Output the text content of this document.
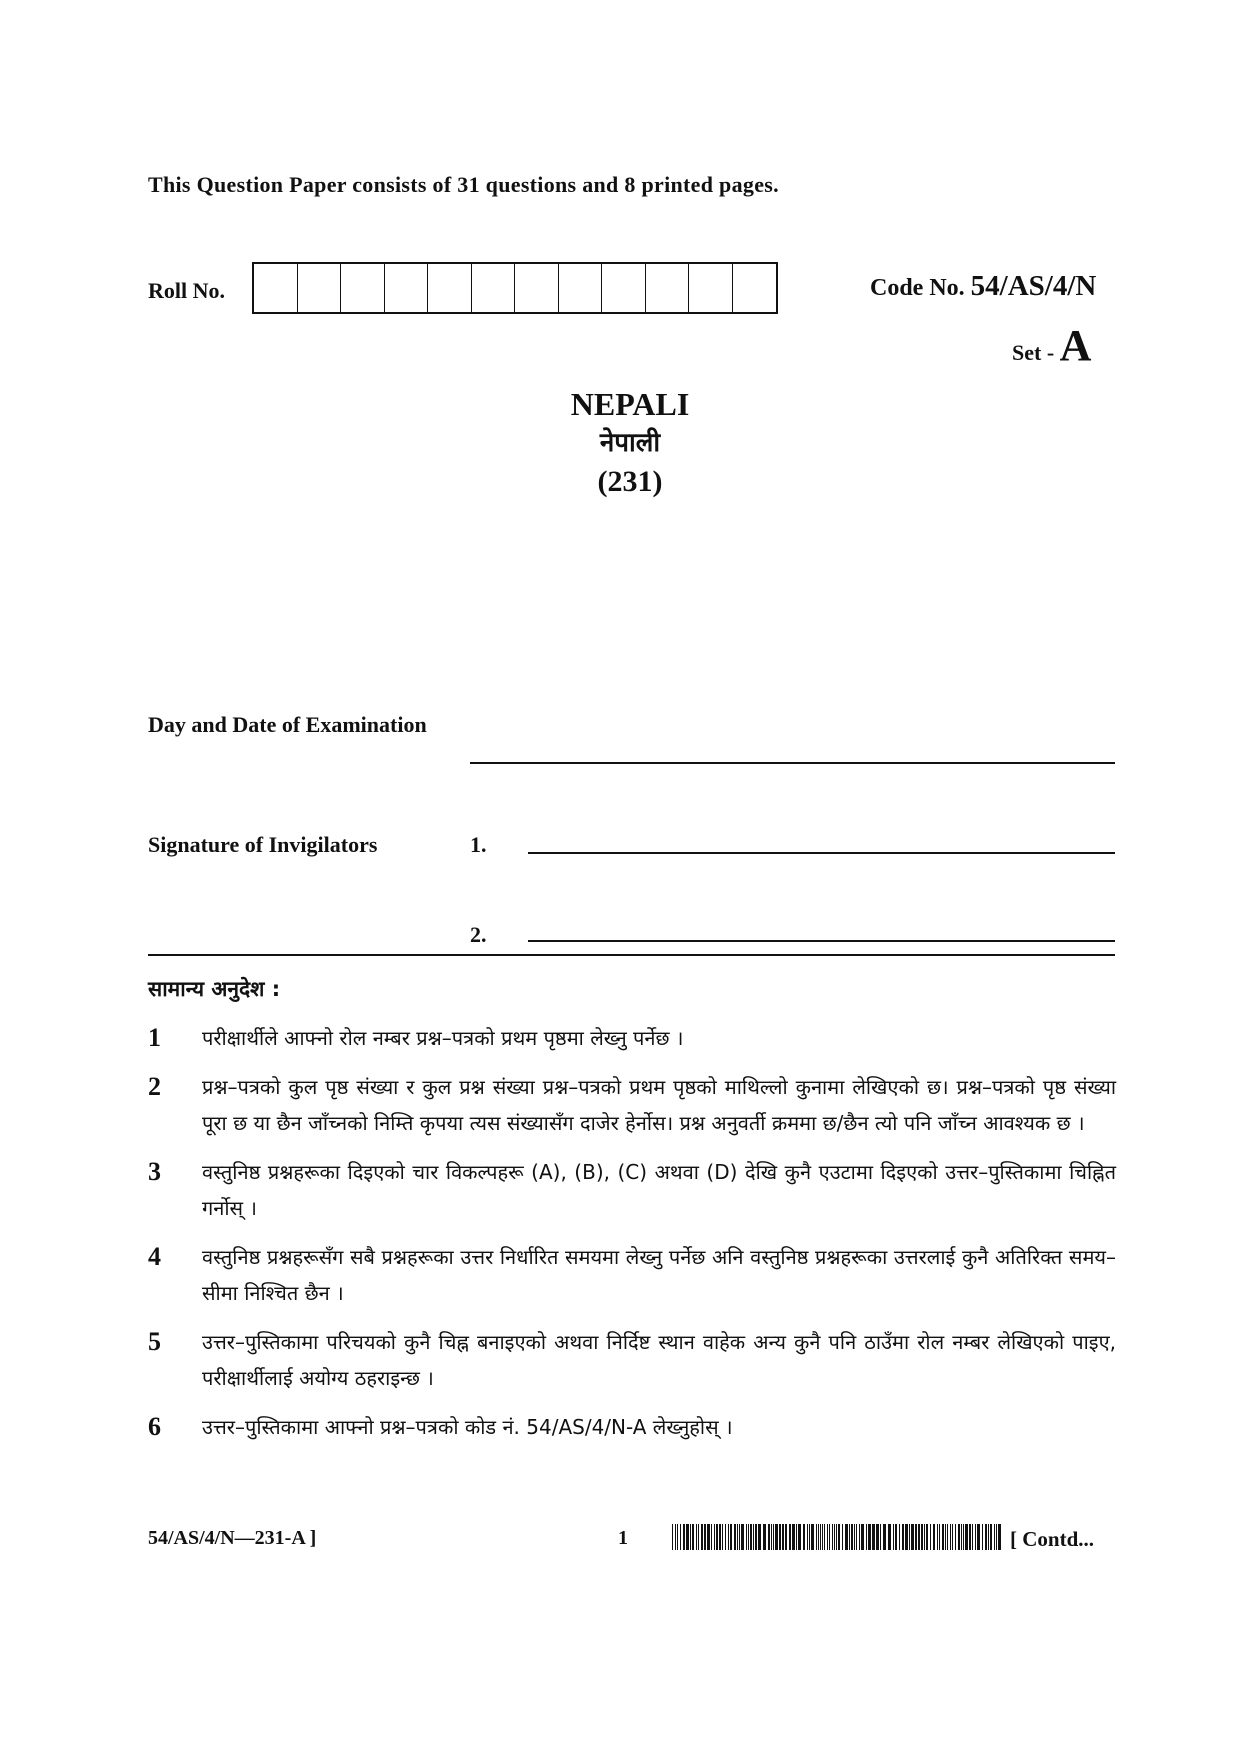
This Question Paper consists of 31 questions and 8 printed pages.
Roll No.	Code No. 54/AS/4/N
Set - A
NEPALI
नेपाली
(231)
Day and Date of Examination
Signature of Invigilators	1.
2.
सामान्य अनुदेश :
1	परीक्षार्थीले आफ्नो रोल नम्बर प्रश्न–पत्रको प्रथम पृष्ठमा लेख्नु पर्नेछ ।
2	प्रश्न–पत्रको कुल पृष्ठ संख्या र कुल प्रश्न संख्या प्रश्न–पत्रको प्रथम पृष्ठको माथिल्लो कुनामा लेखिएको छ। प्रश्न–पत्रको पृष्ठ संख्या पूरा छ या छैन जाँच्नको निम्ति कृपया त्यस संख्यासँग दाजेर हेर्नोस। प्रश्न अनुवर्ती क्रममा छ/छैन त्यो पनि जाँच्न आवश्यक छ ।
3	वस्तुनिष्ठ प्रश्नहरूका दिइएको चार विकल्पहरू (A), (B), (C) अथवा (D) देखि कुनै एउटामा दिइएको उत्तर–पुस्तिकामा चिह्नित गर्नोस् ।
4	वस्तुनिष्ठ प्रश्नहरूसँग सबै प्रश्नहरूका उत्तर निर्धारित समयमा लेख्नु पर्नेछ अनि वस्तुनिष्ठ प्रश्नहरूका उत्तरलाई कुनै अतिरिक्त समय–सीमा निश्चित छैन ।
5	उत्तर–पुस्तिकामा परिचयको कुनै चिह्न बनाइएको अथवा निर्दिष्ट स्थान वाहेक अन्य कुनै पनि ठाउँमा रोल नम्बर लेखिएको पाइए, परीक्षार्थीलाई अयोग्य ठहराइन्छ ।
6	उत्तर–पुस्तिकामा आफ्नो प्रश्न–पत्रको कोड नं. 54/AS/4/N-A लेख्नुहोस् ।
54/AS/4/N—231-A ]	1	[ Contd...
